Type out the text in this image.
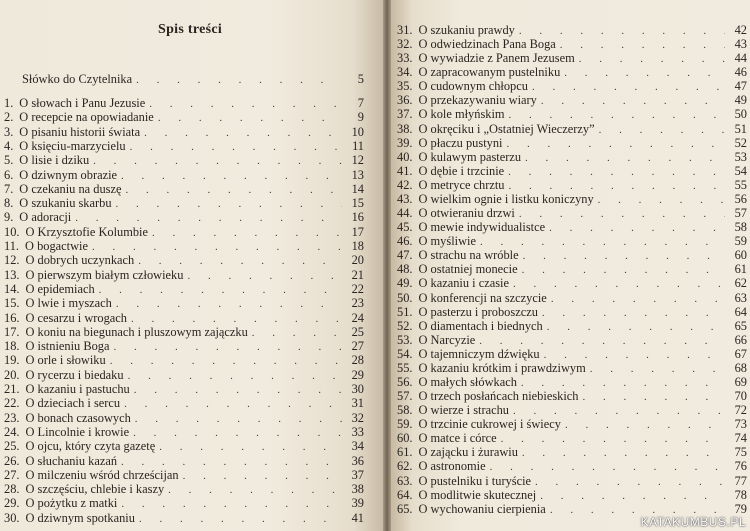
Spis treści
Słówko do Czytelnika . . .	5
1. O słowach i Panu Jezusie . . .	7
2. O recepcie na opowiadanie . . .	9
3. O pisaniu historii świata . . .	10
4. O księciu-marzycielu . . .	11
5. O lisie i dziku . . .	12
6. O dziwnym obrazie . . .	13
7. O czekaniu na duszę . . .	14
8. O szukaniu skarbu . . .	15
9. O adoracji . . .	16
10. O Krzysztofie Kolumbie . . .	17
11. O bogactwie . . .	18
12. O dobrych uczynkach . . .	20
13. O pierwszym białym człowieku . . .	21
14. O epidemiach . . .	22
15. O lwie i myszach . . .	23
16. O cesarzu i wrogach . . .	24
17. O koniu na biegunach i pluszowym zajączku . . .	25
18. O istnieniu Boga . . .	27
19. O orle i słowiku . . .	28
20. O rycerzu i biedaku . . .	29
21. O kazaniu i pastuchu . . .	30
22. O dzieciach i sercu . . .	31
23. O bonach czasowych . . .	32
24. O Lincolnie i krowie . . .	33
25. O ojcu, który czyta gazetę . . .	34
26. O słuchaniu kazań . . .	36
27. O milczeniu wśród chrześcijan . . .	37
28. O szczęściu, chlebie i kaszy . . .	38
29. O pożytku z matki . . .	39
30. O dziwnym spotkaniu . . .	41
31. O szukaniu prawdy . . .	42
32. O odwiedzinach Pana Boga . . .	43
33. O wywiadzie z Panem Jezusem . . .	44
34. O zapracowanym pustelniku . . .	46
35. O cudownym chłopcu . . .	47
36. O przekazywaniu wiary . . .	49
37. O kole młyńskim . . .	50
38. O okręciku i „Ostatniej Wieczerzy” . . .	51
39. O płaczu pustyni . . .	52
40. O kulawym pasterzu . . .	53
41. O dębie i trzcinie . . .	54
42. O metryce chrztu . . .	55
43. O wielkim ognie i listku koniczyny . . .	56
44. O otwieraniu drzwi . . .	57
45. O mewie indywidualistce . . .	58
46. O myśliwie . . .	59
47. O strachu na wróble . . .	60
48. O ostatniej monecie . . .	61
49. O kazaniu i czasie . . .	62
50. O konferencji na szczycie . . .	63
51. O pasterzu i proboszczu . . .	64
52. O diamentach i biednych . . .	65
53. O Narcyzie . . .	66
54. O tajemniczym dźwięku . . .	67
55. O kazaniu krótkim i prawdziwym . . .	68
56. O małych słówkach . . .	69
57. O trzech posłańcach niebieskich . . .	70
58. O wierze i strachu . . .	72
59. O trzcinie cukrowej i świecy . . .	73
60. O matce i córce . . .	74
61. O zającku i żurawiu . . .	75
62. O astronomie . . .	76
63. O pustelniku i turyście . . .	77
64. O modlitwie skutecznej . . .	78
65. O wychowaniu cierpienia . . .	79
KATAKUMBUS.PL
